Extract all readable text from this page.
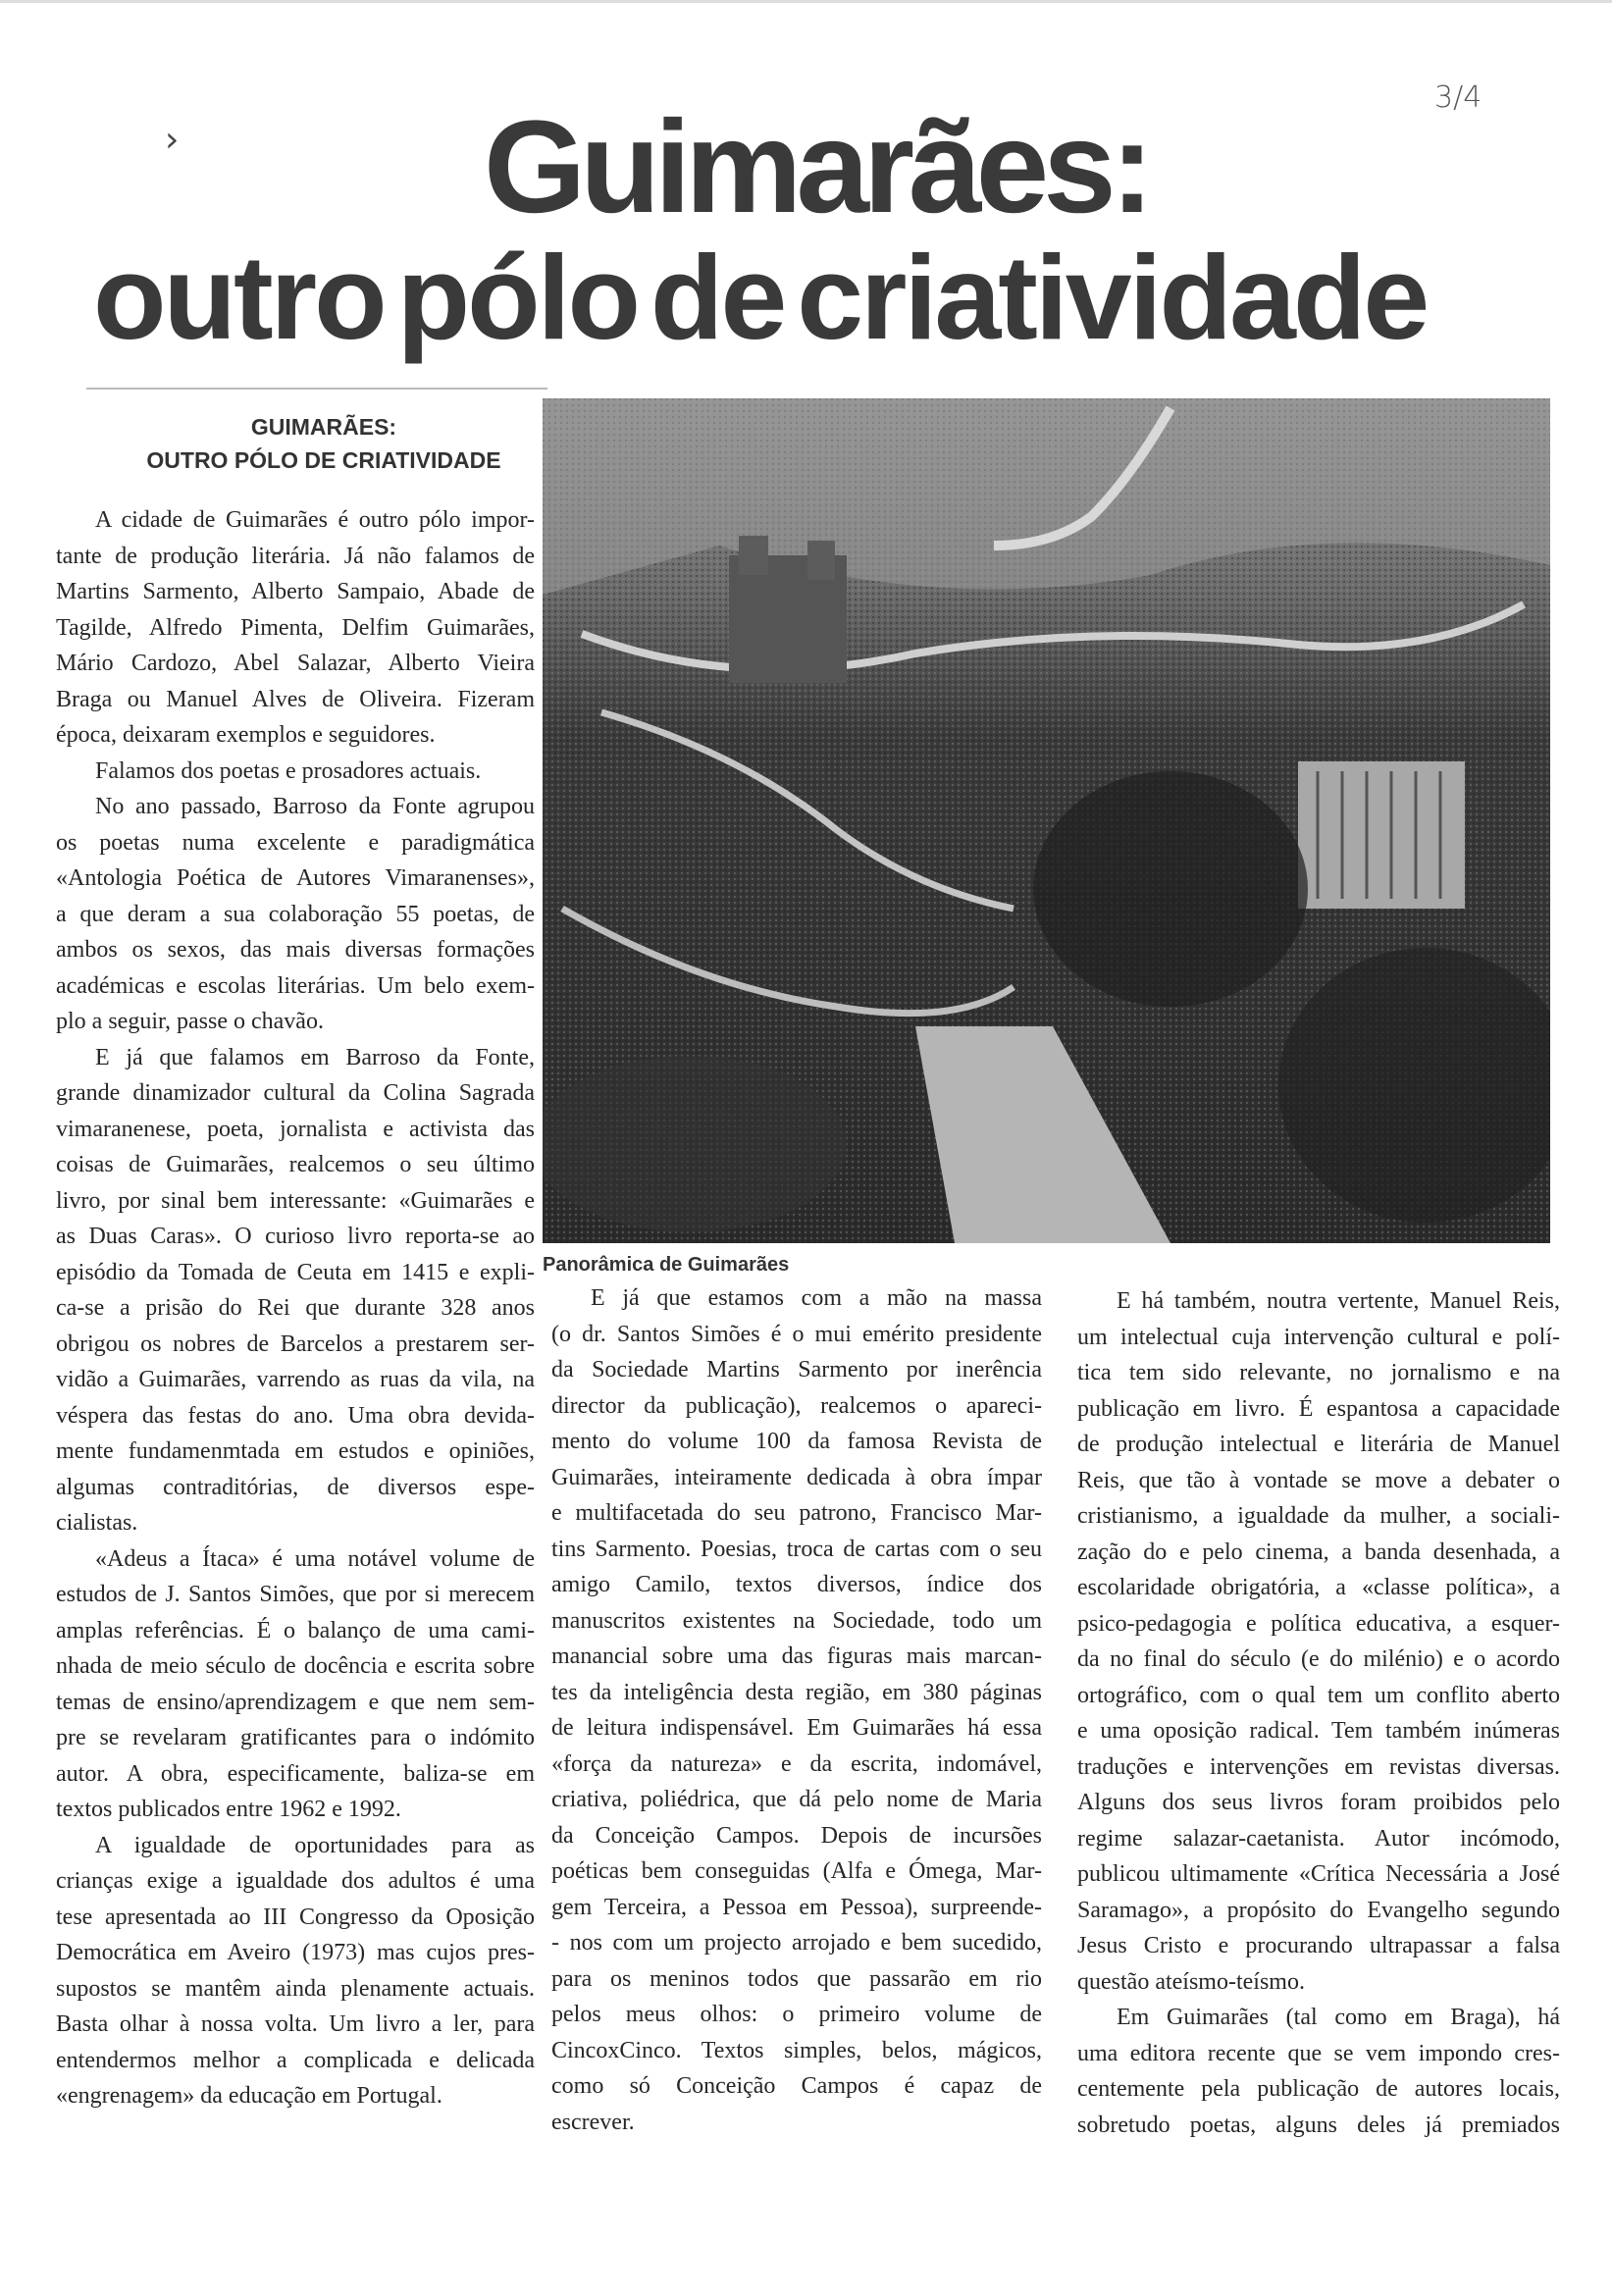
3/4
› Guimarães:
outro pólo de criatividade
GUIMARÃES:
OUTRO PÓLO DE CRIATIVIDADE
A cidade de Guimarães é outro pólo impor-
tante de produção literária. Já não falamos de
Martins Sarmento, Alberto Sampaio, Abade de
Tagilde, Alfredo Pimenta, Delfim Guimarães,
Mário Cardozo, Abel Salazar, Alberto Vieira
Braga ou Manuel Alves de Oliveira. Fizeram
época, deixaram exemplos e seguidores.
Falamos dos poetas e prosadores actuais.
No ano passado, Barroso da Fonte agrupou
os poetas numa excelente e paradigmática
«Antologia Poética de Autores Vimaranenses»,
a que deram a sua colaboração 55 poetas, de
ambos os sexos, das mais diversas formações
académicas e escolas literárias. Um belo exem-
plo a seguir, passe o chavão.
E já que falamos em Barroso da Fonte,
grande dinamizador cultural da Colina Sagrada
vimaranenese, poeta, jornalista e activista das
coisas de Guimarães, realcemos o seu último
livro, por sinal bem interessante: «Guimarães e
as Duas Caras». O curioso livro reporta-se ao
episódio da Tomada de Ceuta em 1415 e expli-
ca-se a prisão do Rei que durante 328 anos
obrigou os nobres de Barcelos a prestarem ser-
vidão a Guimarães, varrendo as ruas da vila, na
véspera das festas do ano. Uma obra devida-
mente fundamenmtada em estudos e opiniões,
algumas contraditórias, de diversos espe-
cialistas.
«Adeus a Ítaca» é uma notável volume de
estudos de J. Santos Simões, que por si merecem
amplas referências. É o balanço de uma cami-
nhada de meio século de docência e escrita sobre
temas de ensino/aprendizagem e que nem sem-
pre se revelaram gratificantes para o indómito
autor. A obra, especificamente, baliza-se em
textos publicados entre 1962 e 1992.
A igualdade de oportunidades para as
crianças exige a igualdade dos adultos é uma
tese apresentada ao III Congresso da Oposição
Democrática em Aveiro (1973) mas cujos pres-
supostos se mantêm ainda plenamente actuais.
Basta olhar à nossa volta. Um livro a ler, para
entendermos melhor a complicada e delicada
«engrenagem» da educação em Portugal.
Panorâmica de Guimarães
E já que estamos com a mão na massa
(o dr. Santos Simões é o mui emérito presidente
da Sociedade Martins Sarmento por inerência
director da publicação), realcemos o apareci-
mento do volume 100 da famosa Revista de
Guimarães, inteiramente dedicada à obra ímpar
e multifacetada do seu patrono, Francisco Mar-
tins Sarmento. Poesias, troca de cartas com o seu
amigo Camilo, textos diversos, índice dos
manuscritos existentes na Sociedade, todo um
manancial sobre uma das figuras mais marcan-
tes da inteligência desta região, em 380 páginas
de leitura indispensável. Em Guimarães há essa
«força da natureza» e da escrita, indomável,
criativa, poliédrica, que dá pelo nome de Maria
da Conceição Campos. Depois de incursões
poéticas bem conseguidas (Alfa e Ómega, Mar-
gem Terceira, a Pessoa em Pessoa), surpreende-
- nos com um projecto arrojado e bem sucedido,
para os meninos todos que passarão em rio
pelos meus olhos: o primeiro volume de
CincoxCinco. Textos simples, belos, mágicos,
como só Conceição Campos é capaz de
escrever.
E há também, noutra vertente, Manuel Reis,
um intelectual cuja intervenção cultural e polí-
tica tem sido relevante, no jornalismo e na
publicação em livro. É espantosa a capacidade
de produção intelectual e literária de Manuel
Reis, que tão à vontade se move a debater o
cristianismo, a igualdade da mulher, a sociali-
zação do e pelo cinema, a banda desenhada, a
escolaridade obrigatória, a «classe política», a
psico-pedagogia e política educativa, a esquer-
da no final do século (e do milénio) e o acordo
ortográfico, com o qual tem um conflito aberto
e uma oposição radical. Tem também inúmeras
traduções e intervenções em revistas diversas.
Alguns dos seus livros foram proibidos pelo
regime salazar-caetanista. Autor incómodo,
publicou ultimamente «Crítica Necessária a José
Saramago», a propósito do Evangelho segundo
Jesus Cristo e procurando ultrapassar a falsa
questão ateísmo-teísmo.
Em Guimarães (tal como em Braga), há
uma editora recente que se vem impondo cres-
centemente pela publicação de autores locais,
sobretudo poetas, alguns deles já premiados
